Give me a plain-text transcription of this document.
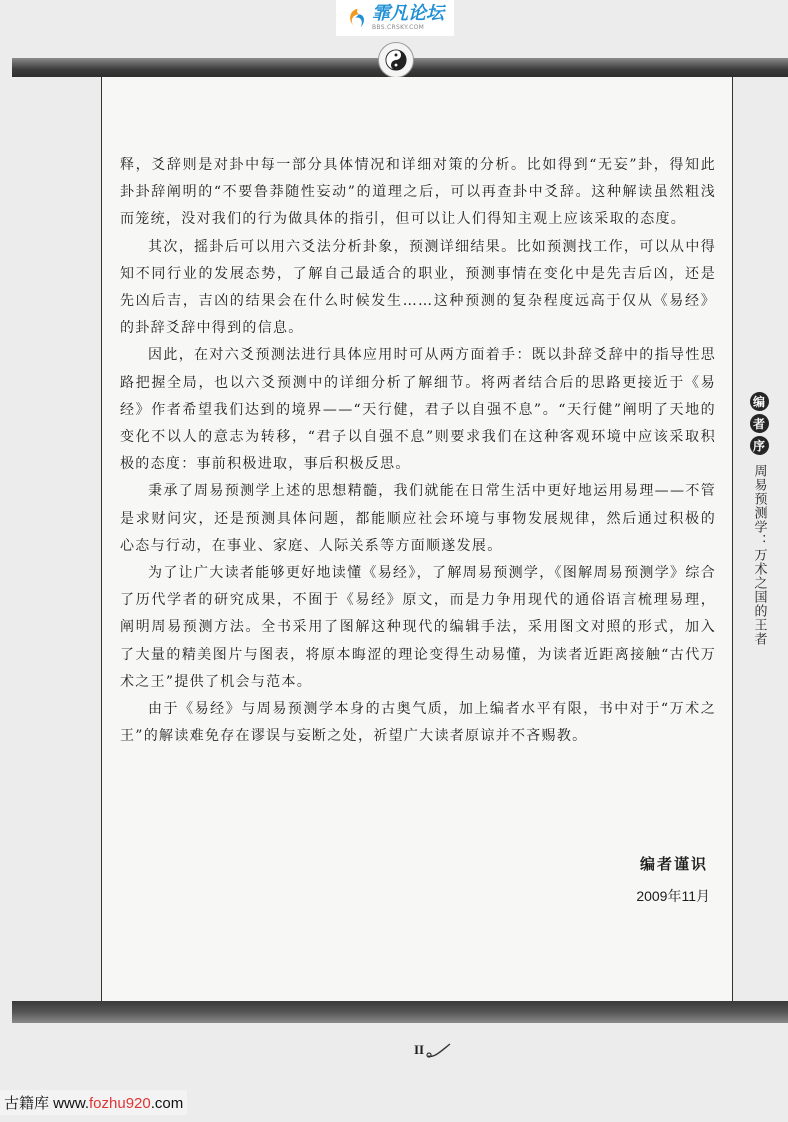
霏凡论坛
BBS.CRSKY.COM

释，爻辞则是对卦中每一部分具体情况和详细对策的分析。比如得到“无妄”卦，得知此卦卦辞阐明的“不要鲁莽随性妄动”的道理之后，可以再查卦中爻辞。这种解读虽然粗浅而笼统，没对我们的行为做具体的指引，但可以让人们得知主观上应该采取的态度。

其次，摇卦后可以用六爻法分析卦象，预测详细结果。比如预测找工作，可以从中得知不同行业的发展态势，了解自己最适合的职业，预测事情在变化中是先吉后凶，还是先凶后吉，吉凶的结果会在什么时候发生……这种预测的复杂程度远高于仅从《易经》的卦辞爻辞中得到的信息。

因此，在对六爻预测法进行具体应用时可从两方面着手：既以卦辞爻辞中的指导性思路把握全局，也以六爻预测中的详细分析了解细节。将两者结合后的思路更接近于《易经》作者希望我们达到的境界——“天行健，君子以自强不息”。“天行健”阐明了天地的变化不以人的意志为转移，“君子以自强不息”则要求我们在这种客观环境中应该采取积极的态度：事前积极进取，事后积极反思。

秉承了周易预测学上述的思想精髓，我们就能在日常生活中更好地运用易理——不管是求财问灾，还是预测具体问题，都能顺应社会环境与事物发展规律，然后通过积极的心态与行动，在事业、家庭、人际关系等方面顺遂发展。

为了让广大读者能够更好地读懂《易经》，了解周易预测学，《图解周易预测学》综合了历代学者的研究成果，不囿于《易经》原文，而是力争用现代的通俗语言梳理易理，阐明周易预测方法。全书采用了图解这种现代的编辑手法，采用图文对照的形式，加入了大量的精美图片与图表，将原本晦涩的理论变得生动易懂，为读者近距离接触“古代万术之王”提供了机会与范本。

由于《易经》与周易预测学本身的古奥气质，加上编者水平有限，书中对于“万术之王”的解读难免存在谬误与妄断之处，祈望广大读者原谅并不吝赐教。

编者谨识
2009年11月
编
者
序
周易预测学：万术之国的王者
II
古籍库 www.fozhu920.com
